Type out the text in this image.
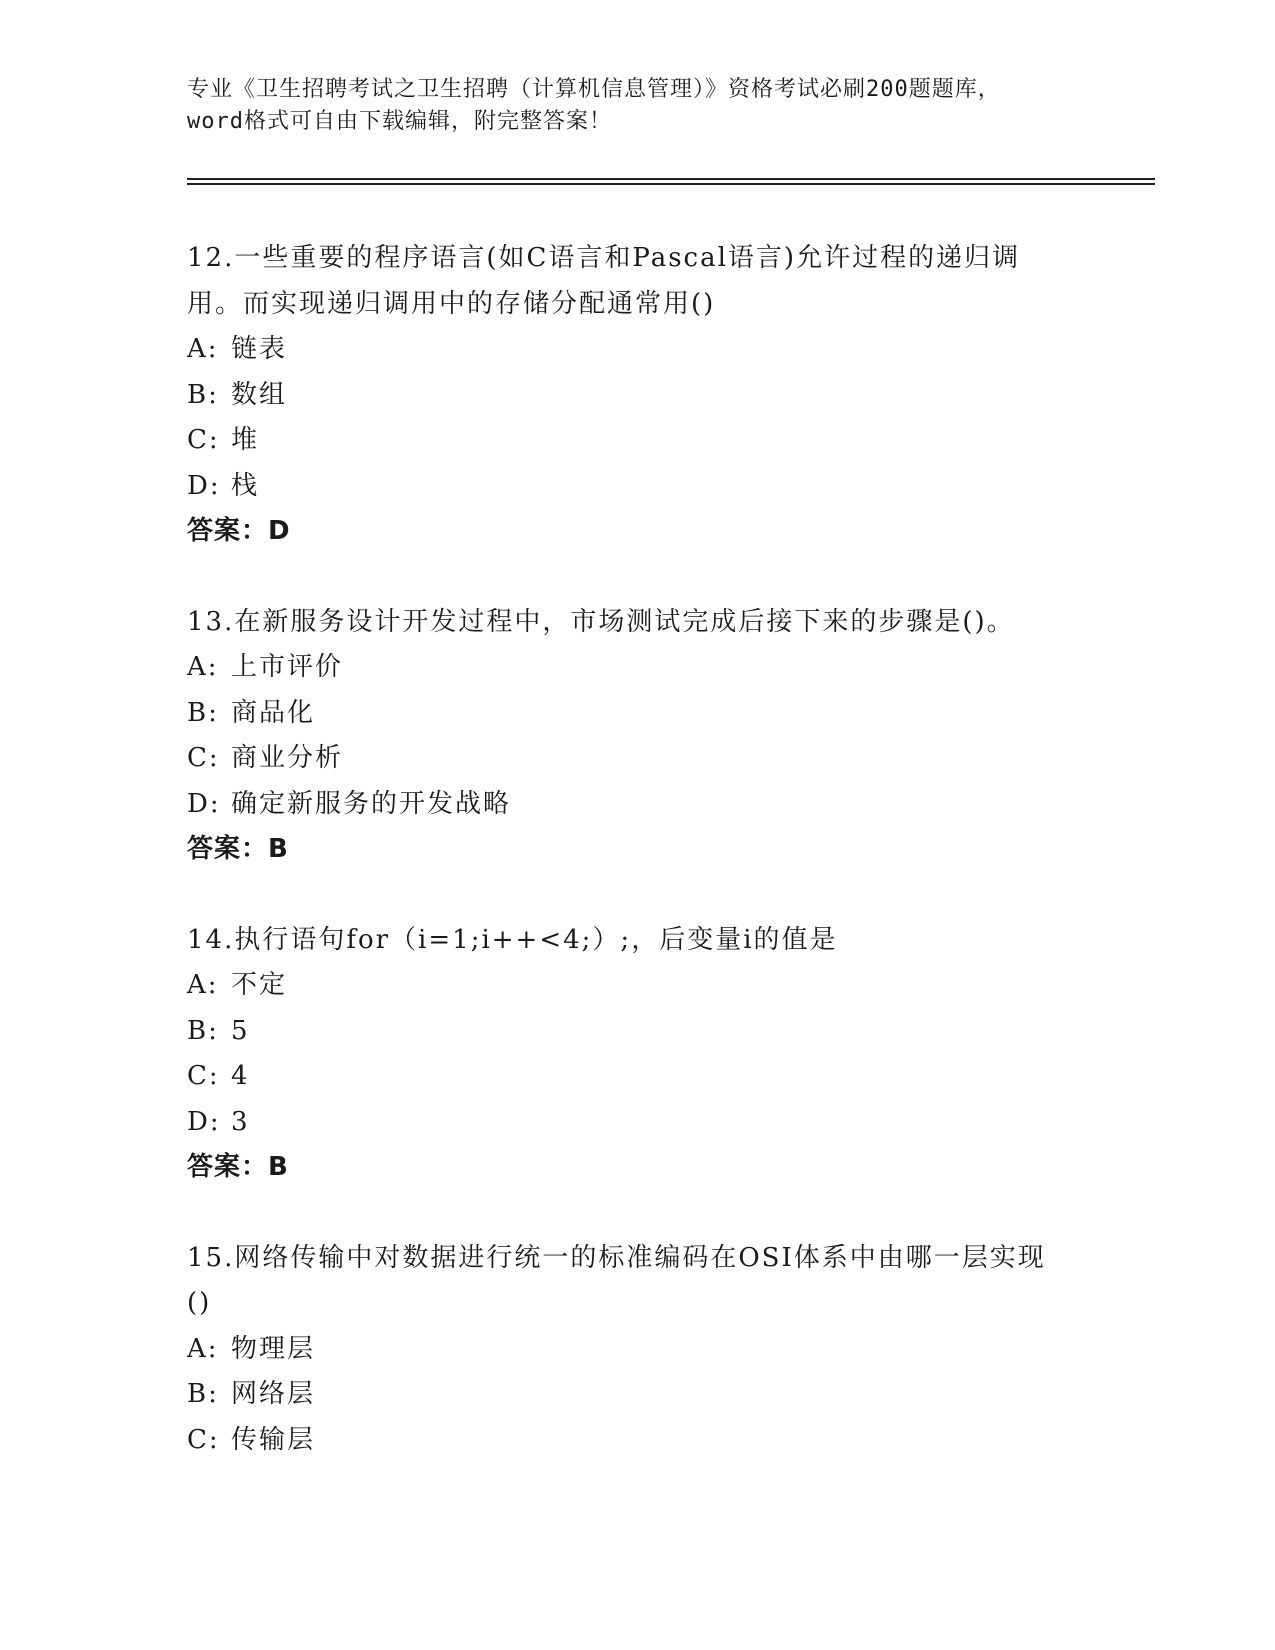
专业《卫生招聘考试之卫生招聘（计算机信息管理）》资格考试必刷200题题库，
word格式可自由下载编辑，附完整答案！
12.一些重要的程序语言(如C语言和Pascal语言)允许过程的递归调
用。而实现递归调用中的存储分配通常用()
A: 链表
B: 数组
C: 堆
D: 栈
答案：D
13.在新服务设计开发过程中，市场测试完成后接下来的步骤是()。
A: 上市评价
B: 商品化
C: 商业分析
D: 确定新服务的开发战略
答案：B
14.执行语句for（i=1;i++<4;）;，后变量i的值是
A: 不定
B: 5
C: 4
D: 3
答案：B
15.网络传输中对数据进行统一的标准编码在OSI体系中由哪一层实现
()
A: 物理层
B: 网络层
C: 传输层
